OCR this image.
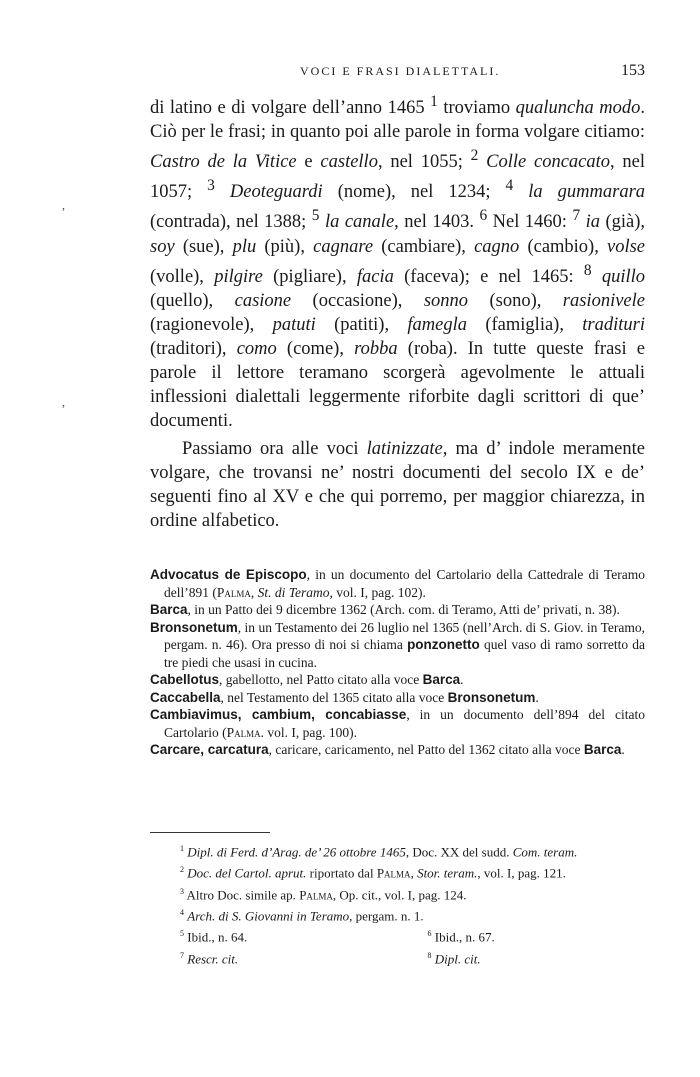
VOCI E FRASI DIALETTALI.	153
,
,

di latino e di volgare dell’anno 1465 $^1$ troviamo qualuncha modo. Ciò per le frasi; in quanto poi alle parole in forma volgare citiamo: Castro de la Vitice e castello, nel 1055; $^2$ Colle concacato, nel 1057; $^3$ Deoteguardi (nome), nel 1234; $^4$ la gummarara (contrada), nel 1388; $^5$ la canale, nel 1403. $^6$ Nel 1460: $^7$ ia (già), soy (sue), plu (più), cagnare (cambiare), cagno (cambio), volse (volle), pilgire (pigliare), facia (faceva); e nel 1465: $^8$ quillo (quello), casione (occasione), sonno (sono), rasionivele (ragionevole), patuti (patiti), famegla (famiglia), tradituri (traditori), como (come), robba (roba). In tutte queste frasi e parole il lettore teramano scorgerà agevolmente le attuali inflessioni dialettali leggermente riforbite dagli scrittori di que’ documenti.

Passiamo ora alle voci latinizzate, ma d’ indole meramente volgare, che trovansi ne’ nostri documenti del secolo IX e de’ seguenti fino al XV e che qui porremo, per maggior chiarezza, in ordine alfabetico.

Advocatus de Episcopo, in un documento del Cartolario della Cattedrale di Teramo dell’891 (Palma, St. di Teramo, vol. I, pag. 102).

Barca, in un Patto dei 9 dicembre 1362 (Arch. com. di Teramo, Atti de’ privati, n. 38).

Bronsonetum, in un Testamento dei 26 luglio nel 1365 (nell’Arch. di S. Giov. in Teramo, pergam. n. 46). Ora presso di noi si chiama ponzonetto quel vaso di ramo sorretto da tre piedi che usasi in cucina.

Cabellotus, gabellotto, nel Patto citato alla voce Barca.

Caccabella, nel Testamento del 1365 citato alla voce Bronsonetum.

Cambiavimus, cambium, concabiasse, in un documento dell’894 del citato Cartolario (Palma. vol. I, pag. 100).

Carcare, carcatura, caricare, caricamento, nel Patto del 1362 citato alla voce Barca.

$^1$ Dipl. di Ferd. d’Arag. de’ 26 ottobre 1465, Doc. XX del sudd. Com. teram.

$^2$ Doc. del Cartol. aprut. riportato dal Palma, Stor. teram., vol. I, pag. 121.

$^3$ Altro Doc. simile ap. Palma, Op. cit., vol. I, pag. 124.

$^4$ Arch. di S. Giovanni in Teramo, pergam. n. 1.

$^5$ Ibid., n. 64.	$^6$ Ibid., n. 67.

$^7$ Rescr. cit.	$^8$ Dipl. cit.
